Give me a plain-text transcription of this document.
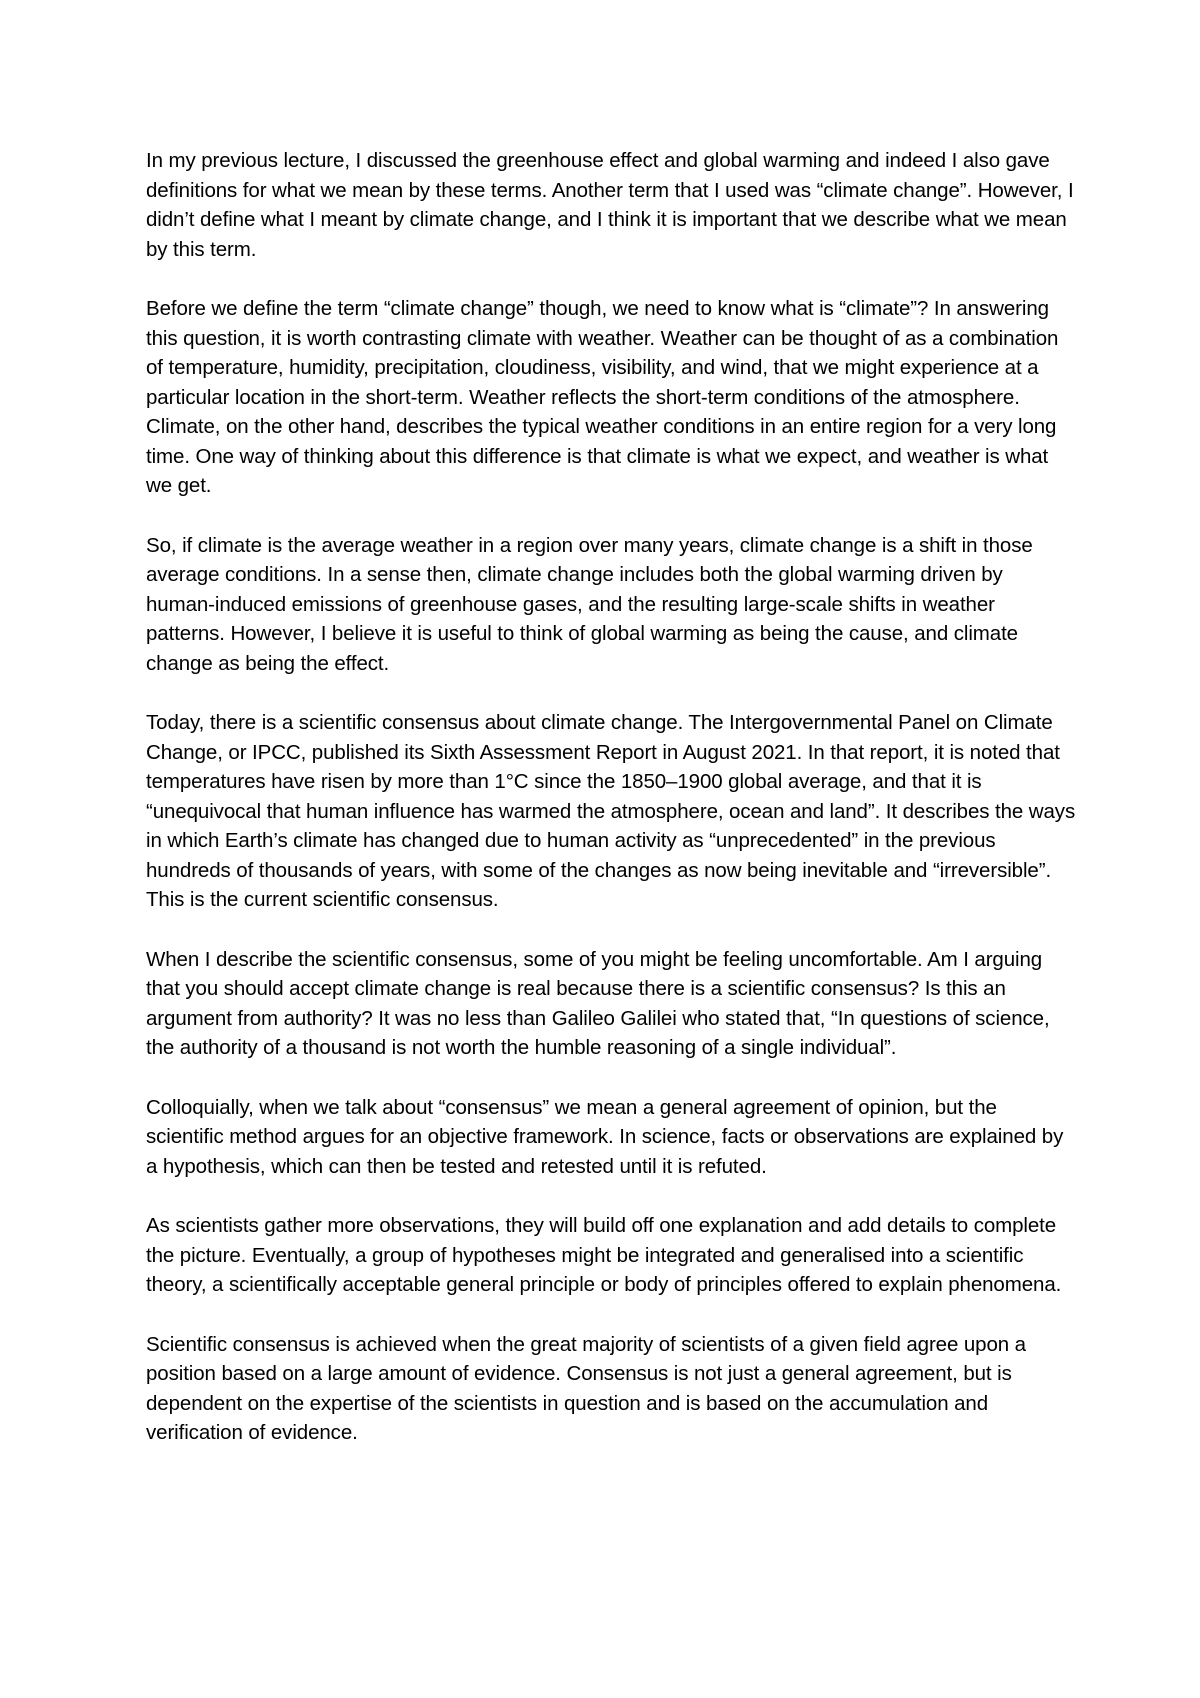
In my previous lecture, I discussed the greenhouse effect and global warming and indeed I also gave definitions for what we mean by these terms. Another term that I used was “climate change”. However, I didn’t define what I meant by climate change, and I think it is important that we describe what we mean by this term.

Before we define the term “climate change” though, we need to know what is “climate”? In answering this question, it is worth contrasting climate with weather. Weather can be thought of as a combination of temperature, humidity, precipitation, cloudiness, visibility, and wind, that we might experience at a particular location in the short-term. Weather reflects the short-term conditions of the atmosphere. Climate, on the other hand, describes the typical weather conditions in an entire region for a very long time. One way of thinking about this difference is that climate is what we expect, and weather is what we get.

So, if climate is the average weather in a region over many years, climate change is a shift in those average conditions. In a sense then, climate change includes both the global warming driven by human-induced emissions of greenhouse gases, and the resulting large-scale shifts in weather patterns. However, I believe it is useful to think of global warming as being the cause, and climate change as being the effect.

Today, there is a scientific consensus about climate change. The Intergovernmental Panel on Climate Change, or IPCC, published its Sixth Assessment Report in August 2021. In that report, it is noted that temperatures have risen by more than 1°C since the 1850–1900 global average, and that it is “unequivocal that human influence has warmed the atmosphere, ocean and land”. It describes the ways in which Earth’s climate has changed due to human activity as “unprecedented” in the previous hundreds of thousands of years, with some of the changes as now being inevitable and “irreversible”. This is the current scientific consensus.

When I describe the scientific consensus, some of you might be feeling uncomfortable. Am I arguing that you should accept climate change is real because there is a scientific consensus? Is this an argument from authority? It was no less than Galileo Galilei who stated that, “In questions of science, the authority of a thousand is not worth the humble reasoning of a single individual”.

Colloquially, when we talk about “consensus” we mean a general agreement of opinion, but the scientific method argues for an objective framework. In science, facts or observations are explained by a hypothesis, which can then be tested and retested until it is refuted.

As scientists gather more observations, they will build off one explanation and add details to complete the picture. Eventually, a group of hypotheses might be integrated and generalised into a scientific theory, a scientifically acceptable general principle or body of principles offered to explain phenomena.

Scientific consensus is achieved when the great majority of scientists of a given field agree upon a position based on a large amount of evidence. Consensus is not just a general agreement, but is dependent on the expertise of the scientists in question and is based on the accumulation and verification of evidence.
